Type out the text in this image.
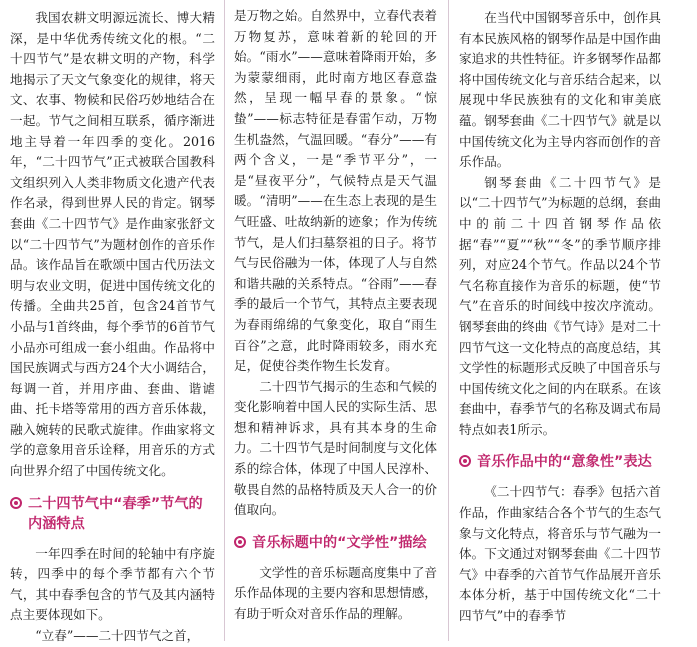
我国农耕文明源远流长、博大精深，是中华优秀传统文化的根。“二十四节气”是农耕文明的产物，科学地揭示了天文气象变化的规律，将天文、农事、物候和民俗巧妙地结合在一起。节气之间相互联系，循序渐进地主导着一年四季的变化。2016年，“二十四节气”正式被联合国教科文组织列入人类非物质文化遗产代表作名录，得到世界人民的肯定。钢琴套曲《二十四节气》是作曲家张舒文以“二十四节气”为题材创作的音乐作品。该作品旨在歌颂中国古代历法文明与农业文明，促进中国传统文化的传播。全曲共25首，包含24首节气小品与1首终曲，每个季节的6首节气小品亦可组成一套小组曲。作品将中国民族调式与西方24个大小调结合，每调一首，并用序曲、套曲、谐谑曲、托卡塔等常用的西方音乐体裁，融入婉转的民歌式旋律。作曲家将文学的意象用音乐诠释，用音乐的方式向世界介绍了中国传统文化。

二十四节气中“春季”节气的内涵特点

一年四季在时间的轮轴中有序旋转，四季中的每个季节都有六个节气，其中春季包含的节气及其内涵特点主要体现如下。

“立春”——二十四节气之首，

是万物之始。自然界中，立春代表着万物复苏，意味着新的轮回的开始。“雨水”——意味着降雨开始，多为蒙蒙细雨，此时南方地区春意盎然，呈现一幅早春的景象。“惊蛰”——标志特征是春雷乍动，万物生机盎然，气温回暖。“春分”——有两个含义，一是“季节平分”，一是“昼夜平分”，气候特点是天气温暖。“清明”——在生态上表现的是生气旺盛、吐故纳新的迹象；作为传统节气，是人们扫墓祭祖的日子。将节气与民俗融为一体，体现了人与自然和谐共融的关系特点。“谷雨”——春季的最后一个节气，其特点主要表现为春雨绵绵的气象变化，取自“雨生百谷”之意，此时降雨较多，雨水充足，促使谷类作物生长发育。

二十四节气揭示的生态和气候的变化影响着中国人民的实际生活、思想和精神诉求，具有其本身的生命力。二十四节气是时间制度与文化体系的综合体，体现了中国人民淳朴、敬畏自然的品格特质及天人合一的价值取向。

音乐标题中的“文学性”描绘

文学性的音乐标题高度集中了音乐作品体现的主要内容和思想情感，有助于听众对音乐作品的理解。

在当代中国钢琴音乐中，创作具有本民族风格的钢琴作品是中国作曲家追求的共性特征。许多钢琴作品都将中国传统文化与音乐结合起来，以展现中华民族独有的文化和审美底蕴。钢琴套曲《二十四节气》就是以中国传统文化为主导内容而创作的音乐作品。

钢琴套曲《二十四节气》是以“二十四节气”为标题的总纲，套曲中的前二十四首钢琴作品依据“春”“夏”“秋”“冬”的季节顺序排列，对应24个节气。作品以24个节气名称直接作为音乐的标题，使“节气”在音乐的时间线中按次序流动。钢琴套曲的终曲《节气诗》是对二十四节气这一文化特点的高度总结，其文学性的标题形式反映了中国音乐与中国传统文化之间的内在联系。在该套曲中，春季节气的名称及调式布局特点如表1所示。

音乐作品中的“意象性”表达

《二十四节气：春季》包括六首作品，作曲家结合各个节气的生态气象与文化特点，将音乐与节气融为一体。下文通过对钢琴套曲《二十四节气》中春季的六首节气作品展开音乐本体分析，基于中国传统文化“二十四节气”中的春季节
